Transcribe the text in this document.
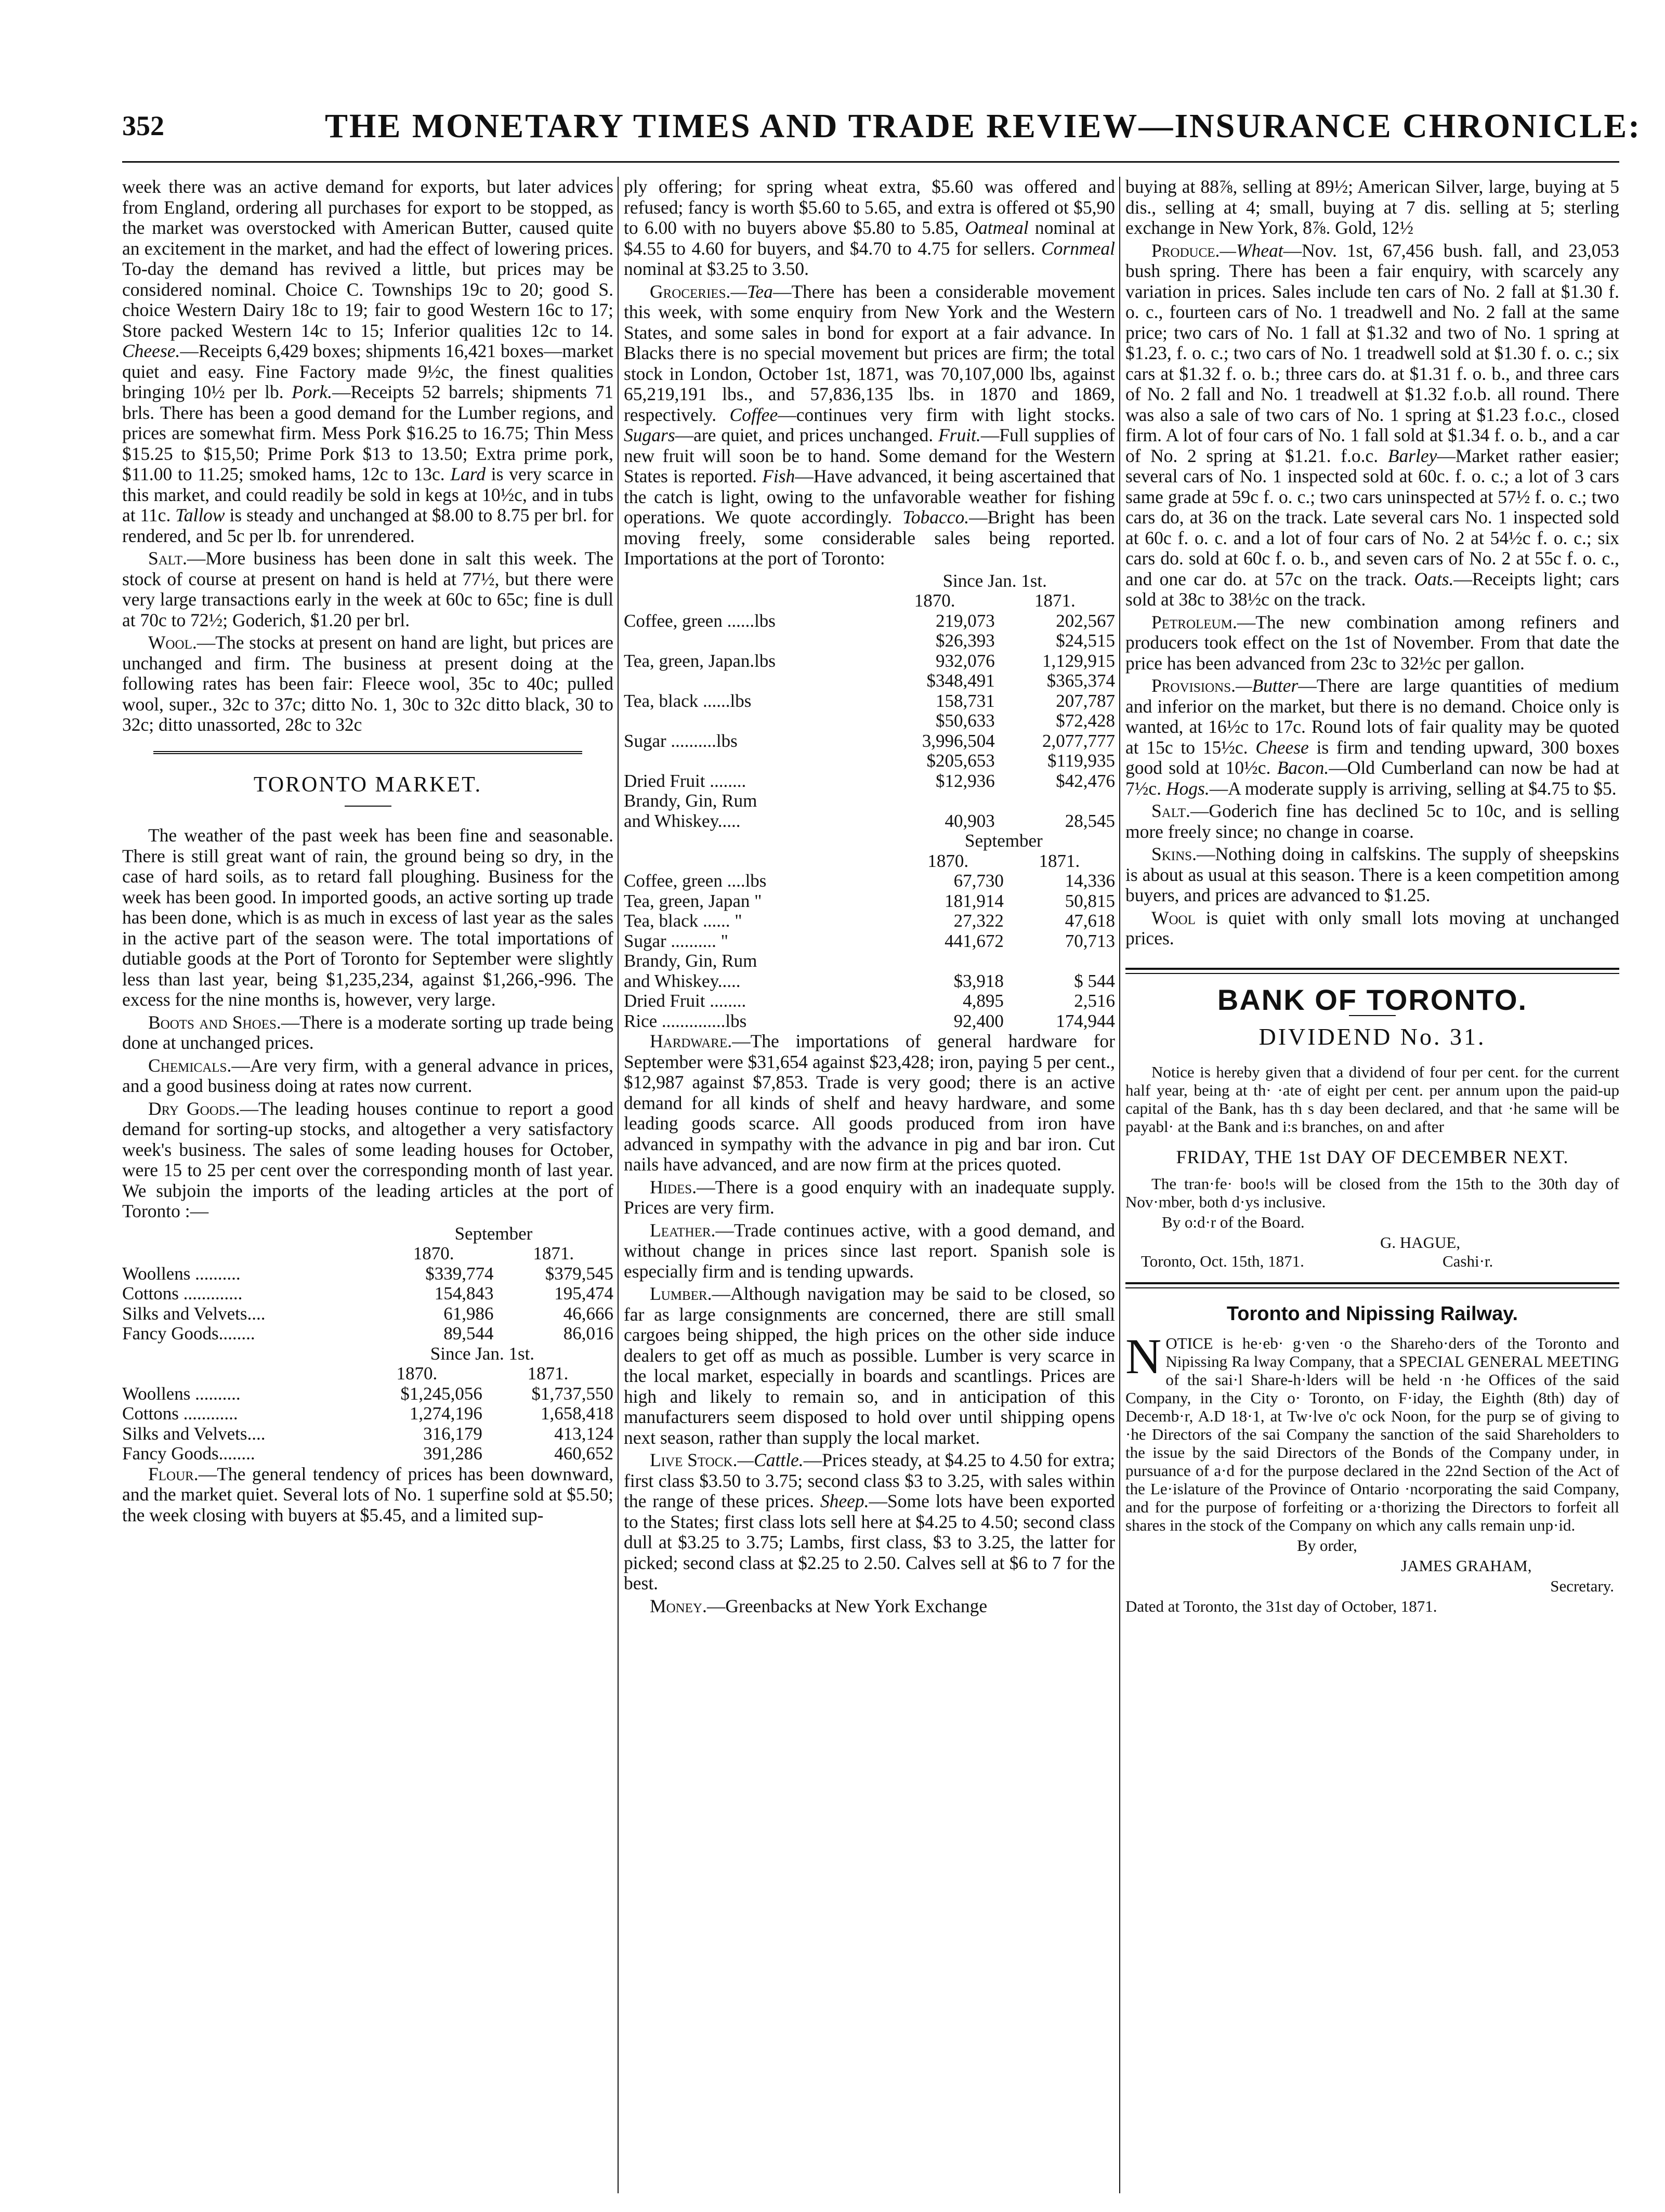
352	THE MONETARY TIMES AND TRADE REVIEW—INSURANCE CHRONICLE:

week there was an active demand for exports, but later advices from England, ordering all purchases for export to be stopped, as the market was overstocked with American Butter, caused quite an excitement in the market, and had the effect of lowering prices. To-day the demand has revived a little, but prices may be considered nominal. Choice C. Townships 19c to 20; good S. choice Western Dairy 18c to 19; fair to good Western 16c to 17; Store packed Western 14c to 15; Inferior qualities 12c to 14. Cheese.—Receipts 6,429 boxes; shipments 16,421 boxes—market quiet and easy. Fine Factory made 9½c, the finest qualities bringing 10½ per lb. Pork.—Receipts 52 barrels; shipments 71 brls. There has been a good demand for the Lumber regions, and prices are somewhat firm. Mess Pork $16.25 to 16.75; Thin Mess $15.25 to $15,50; Prime Pork $13 to 13.50; Extra prime pork, $11.00 to 11.25; smoked hams, 12c to 13c. Lard is very scarce in this market, and could readily be sold in kegs at 10½c, and in tubs at 11c. Tallow is steady and unchanged at $8.00 to 8.75 per brl. for rendered, and 5c per lb. for unrendered.

Salt.—More business has been done in salt this week. The stock of course at present on hand is held at 77½, but there were very large transactions early in the week at 60c to 65c; fine is dull at 70c to 72½; Goderich, $1.20 per brl.

Wool.—The stocks at present on hand are light, but prices are unchanged and firm. The business at present doing at the following rates has been fair: Fleece wool, 35c to 40c; pulled wool, super., 32c to 37c; ditto No. 1, 30c to 32c ditto black, 30 to 32c; ditto unassorted, 28c to 32c

TORONTO MARKET.

The weather of the past week has been fine and seasonable. There is still great want of rain, the ground being so dry, in the case of hard soils, as to retard fall ploughing. Business for the week has been good. In imported goods, an active sorting up trade has been done, which is as much in excess of last year as the sales in the active part of the season were. The total importations of dutiable goods at the Port of Toronto for September were slightly less than last year, being $1,235,234, against $1,266,-996. The excess for the nine months is, however, very large.

Boots and Shoes.—There is a moderate sorting up trade being done at unchanged prices.

Chemicals.—Are very firm, with a general advance in prices, and a good business doing at rates now current.

Dry Goods.—The leading houses continue to report a good demand for sorting-up stocks, and altogether a very satisfactory week's business. The sales of some leading houses for October, were 15 to 25 per cent over the corresponding month of last year. We subjoin the imports of the leading articles at the port of Toronto :—

	September	
	1870.	1871.
Woollens ..........	$339,774	$379,545
Cottons .............	154,843	195,474
Silks and Velvets....	61,986	46,666
Fancy Goods........	89,544	86,016
	Since Jan. 1st.	
	1870.	1871.
Woollens ..........	$1,245,056	$1,737,550
Cottons ............	1,274,196	1,658,418
Silks and Velvets....	316,179	413,124
Fancy Goods........	391,286	460,652

Flour.—The general tendency of prices has been downward, and the market quiet. Several lots of No. 1 superfine sold at $5.50; the week closing with buyers at $5.45, and a limited sup-

ply offering; for spring wheat extra, $5.60 was offered and refused; fancy is worth $5.60 to 5.65, and extra is offered ot $5,90 to 6.00 with no buyers above $5.80 to 5.85, Oatmeal nominal at $4.55 to 4.60 for buyers, and $4.70 to 4.75 for sellers. Cornmeal nominal at $3.25 to 3.50.

Groceries.—Tea—There has been a considerable movement this week, with some enquiry from New York and the Western States, and some sales in bond for export at a fair advance. In Blacks there is no special movement but prices are firm; the total stock in London, October 1st, 1871, was 70,107,000 lbs, against 65,219,191 lbs., and 57,836,135 lbs. in 1870 and 1869, respectively. Coffee—continues very firm with light stocks. Sugars—are quiet, and prices unchanged. Fruit.—Full supplies of new fruit will soon be to hand. Some demand for the Western States is reported. Fish—Have advanced, it being ascertained that the catch is light, owing to the unfavorable weather for fishing operations. We quote accordingly. Tobacco.—Bright has been moving freely, some considerable sales being reported. Importations at the port of Toronto:

	Since Jan. 1st.	
	1870.	1871.
Coffee, green ......lbs	219,073	202,567
	$26,393	$24,515
Tea, green, Japan.lbs	932,076	1,129,915
	$348,491	$365,374
Tea, black ......lbs	158,731	207,787
	$50,633	$72,428
Sugar ..........lbs	3,996,504	2,077,777
	$205,653	$119,935
Dried Fruit ........	$12,936	$42,476
Brandy, Gin, Rum		
and Whiskey.....	40,903	28,545
	September	
	1870.	1871.
Coffee, green ....lbs	67,730	14,336
Tea, green, Japan "	181,914	50,815
Tea, black ...... "	27,322	47,618
Sugar .......... "	441,672	70,713
Brandy, Gin, Rum		
and Whiskey.....	$3,918	$ 544
Dried Fruit ........	4,895	2,516
Rice ..............lbs	92,400	174,944

Hardware.—The importations of general hardware for September were $31,654 against $23,428; iron, paying 5 per cent., $12,987 against $7,853. Trade is very good; there is an active demand for all kinds of shelf and heavy hardware, and some leading goods scarce. All goods produced from iron have advanced in sympathy with the advance in pig and bar iron. Cut nails have advanced, and are now firm at the prices quoted.

Hides.—There is a good enquiry with an inadequate supply. Prices are very firm.

Leather.—Trade continues active, with a good demand, and without change in prices since last report. Spanish sole is especially firm and is tending upwards.

Lumber.—Although navigation may be said to be closed, so far as large consignments are concerned, there are still small cargoes being shipped, the high prices on the other side induce dealers to get off as much as possible. Lumber is very scarce in the local market, especially in boards and scantlings. Prices are high and likely to remain so, and in anticipation of this manufacturers seem disposed to hold over until shipping opens next season, rather than supply the local market.

Live Stock.—Cattle.—Prices steady, at $4.25 to 4.50 for extra; first class $3.50 to 3.75; second class $3 to 3.25, with sales within the range of these prices. Sheep.—Some lots have been exported to the States; first class lots sell here at $4.25 to 4.50; second class dull at $3.25 to 3.75; Lambs, first class, $3 to 3.25, the latter for picked; second class at $2.25 to 2.50. Calves sell at $6 to 7 for the best.

Money.—Greenbacks at New York Exchange

buying at 88⅞, selling at 89½; American Silver, large, buying at 5 dis., selling at 4; small, buying at 7 dis. selling at 5; sterling exchange in New York, 8⅞. Gold, 12½

Produce.—Wheat—Nov. 1st, 67,456 bush. fall, and 23,053 bush spring. There has been a fair enquiry, with scarcely any variation in prices. Sales include ten cars of No. 2 fall at $1.30 f. o. c., fourteen cars of No. 1 treadwell and No. 2 fall at the same price; two cars of No. 1 fall at $1.32 and two of No. 1 spring at $1.23, f. o. c.; two cars of No. 1 treadwell sold at $1.30 f. o. c.; six cars at $1.32 f. o. b.; three cars do. at $1.31 f. o. b., and three cars of No. 2 fall and No. 1 treadwell at $1.32 f.o.b. all round. There was also a sale of two cars of No. 1 spring at $1.23 f.o.c., closed firm. A lot of four cars of No. 1 fall sold at $1.34 f. o. b., and a car of No. 2 spring at $1.21. f.o.c. Barley—Market rather easier; several cars of No. 1 inspected sold at 60c. f. o. c.; a lot of 3 cars same grade at 59c f. o. c.; two cars uninspected at 57½ f. o. c.; two cars do, at 36 on the track. Late several cars No. 1 inspected sold at 60c f. o. c. and a lot of four cars of No. 2 at 54½c f. o. c.; six cars do. sold at 60c f. o. b., and seven cars of No. 2 at 55c f. o. c., and one car do. at 57c on the track. Oats.—Receipts light; cars sold at 38c to 38½c on the track.

Petroleum.—The new combination among refiners and producers took effect on the 1st of November. From that date the price has been advanced from 23c to 32½c per gallon.

Provisions.—Butter—There are large quantities of medium and inferior on the market, but there is no demand. Choice only is wanted, at 16½c to 17c. Round lots of fair quality may be quoted at 15c to 15½c. Cheese is firm and tending upward, 300 boxes good sold at 10½c. Bacon.—Old Cumberland can now be had at 7½c. Hogs.—A moderate supply is arriving, selling at $4.75 to $5.

Salt.—Goderich fine has declined 5c to 10c, and is selling more freely since; no change in coarse.

Skins.—Nothing doing in calfskins. The supply of sheepskins is about as usual at this season. There is a keen competition among buyers, and prices are advanced to $1.25.

Wool is quiet with only small lots moving at unchanged prices.

BANK OF TORONTO.
DIVIDEND No. 31.

Notice is hereby given that a dividend of four per cent. for the current half year, being at th· ·ate of eight per cent. per annum upon the paid-up capital of the Bank, has th s day been declared, and that ·he same will be payabl· at the Bank and i:s branches, on and after

FRIDAY, THE 1st DAY OF DECEMBER NEXT.

The tran·fe· boo!s will be closed from the 15th to the 30th day of Nov·mber, both d·ys inclusive.

By o:d·r of the Board.

G. HAGUE,
Toronto, Oct. 15th, 1871.	Cashi·r.
Toronto and Nipissing Railway.

NOTICE is he·eb· g·ven ·o the Shareho·ders of the Toronto and Nipissing Ra lway Company, that a SPECIAL GENERAL MEETING of the sai·l Share-h·lders will be held ·n ·he Offices of the said Company, in the City o· Toronto, on F·iday, the Eighth (8th) day of Decemb·r, A.D 18·1, at Tw·lve o'c ock Noon, for the purp se of giving to ·he Directors of the sai Company the sanction of the said Shareholders to the issue by the said Directors of the Bonds of the Company under, in pursuance of a·d for the purpose declared in the 22nd Section of the Act of the Le·islature of the Province of Ontario ·ncorporating the said Company, and for the purpose of forfeiting or a·thorizing the Directors to forfeit all shares in the stock of the Company on which any calls remain unp·id.

By order,

JAMES GRAHAM,

Secretary.

Dated at Toronto, the 31st day of October, 1871.
